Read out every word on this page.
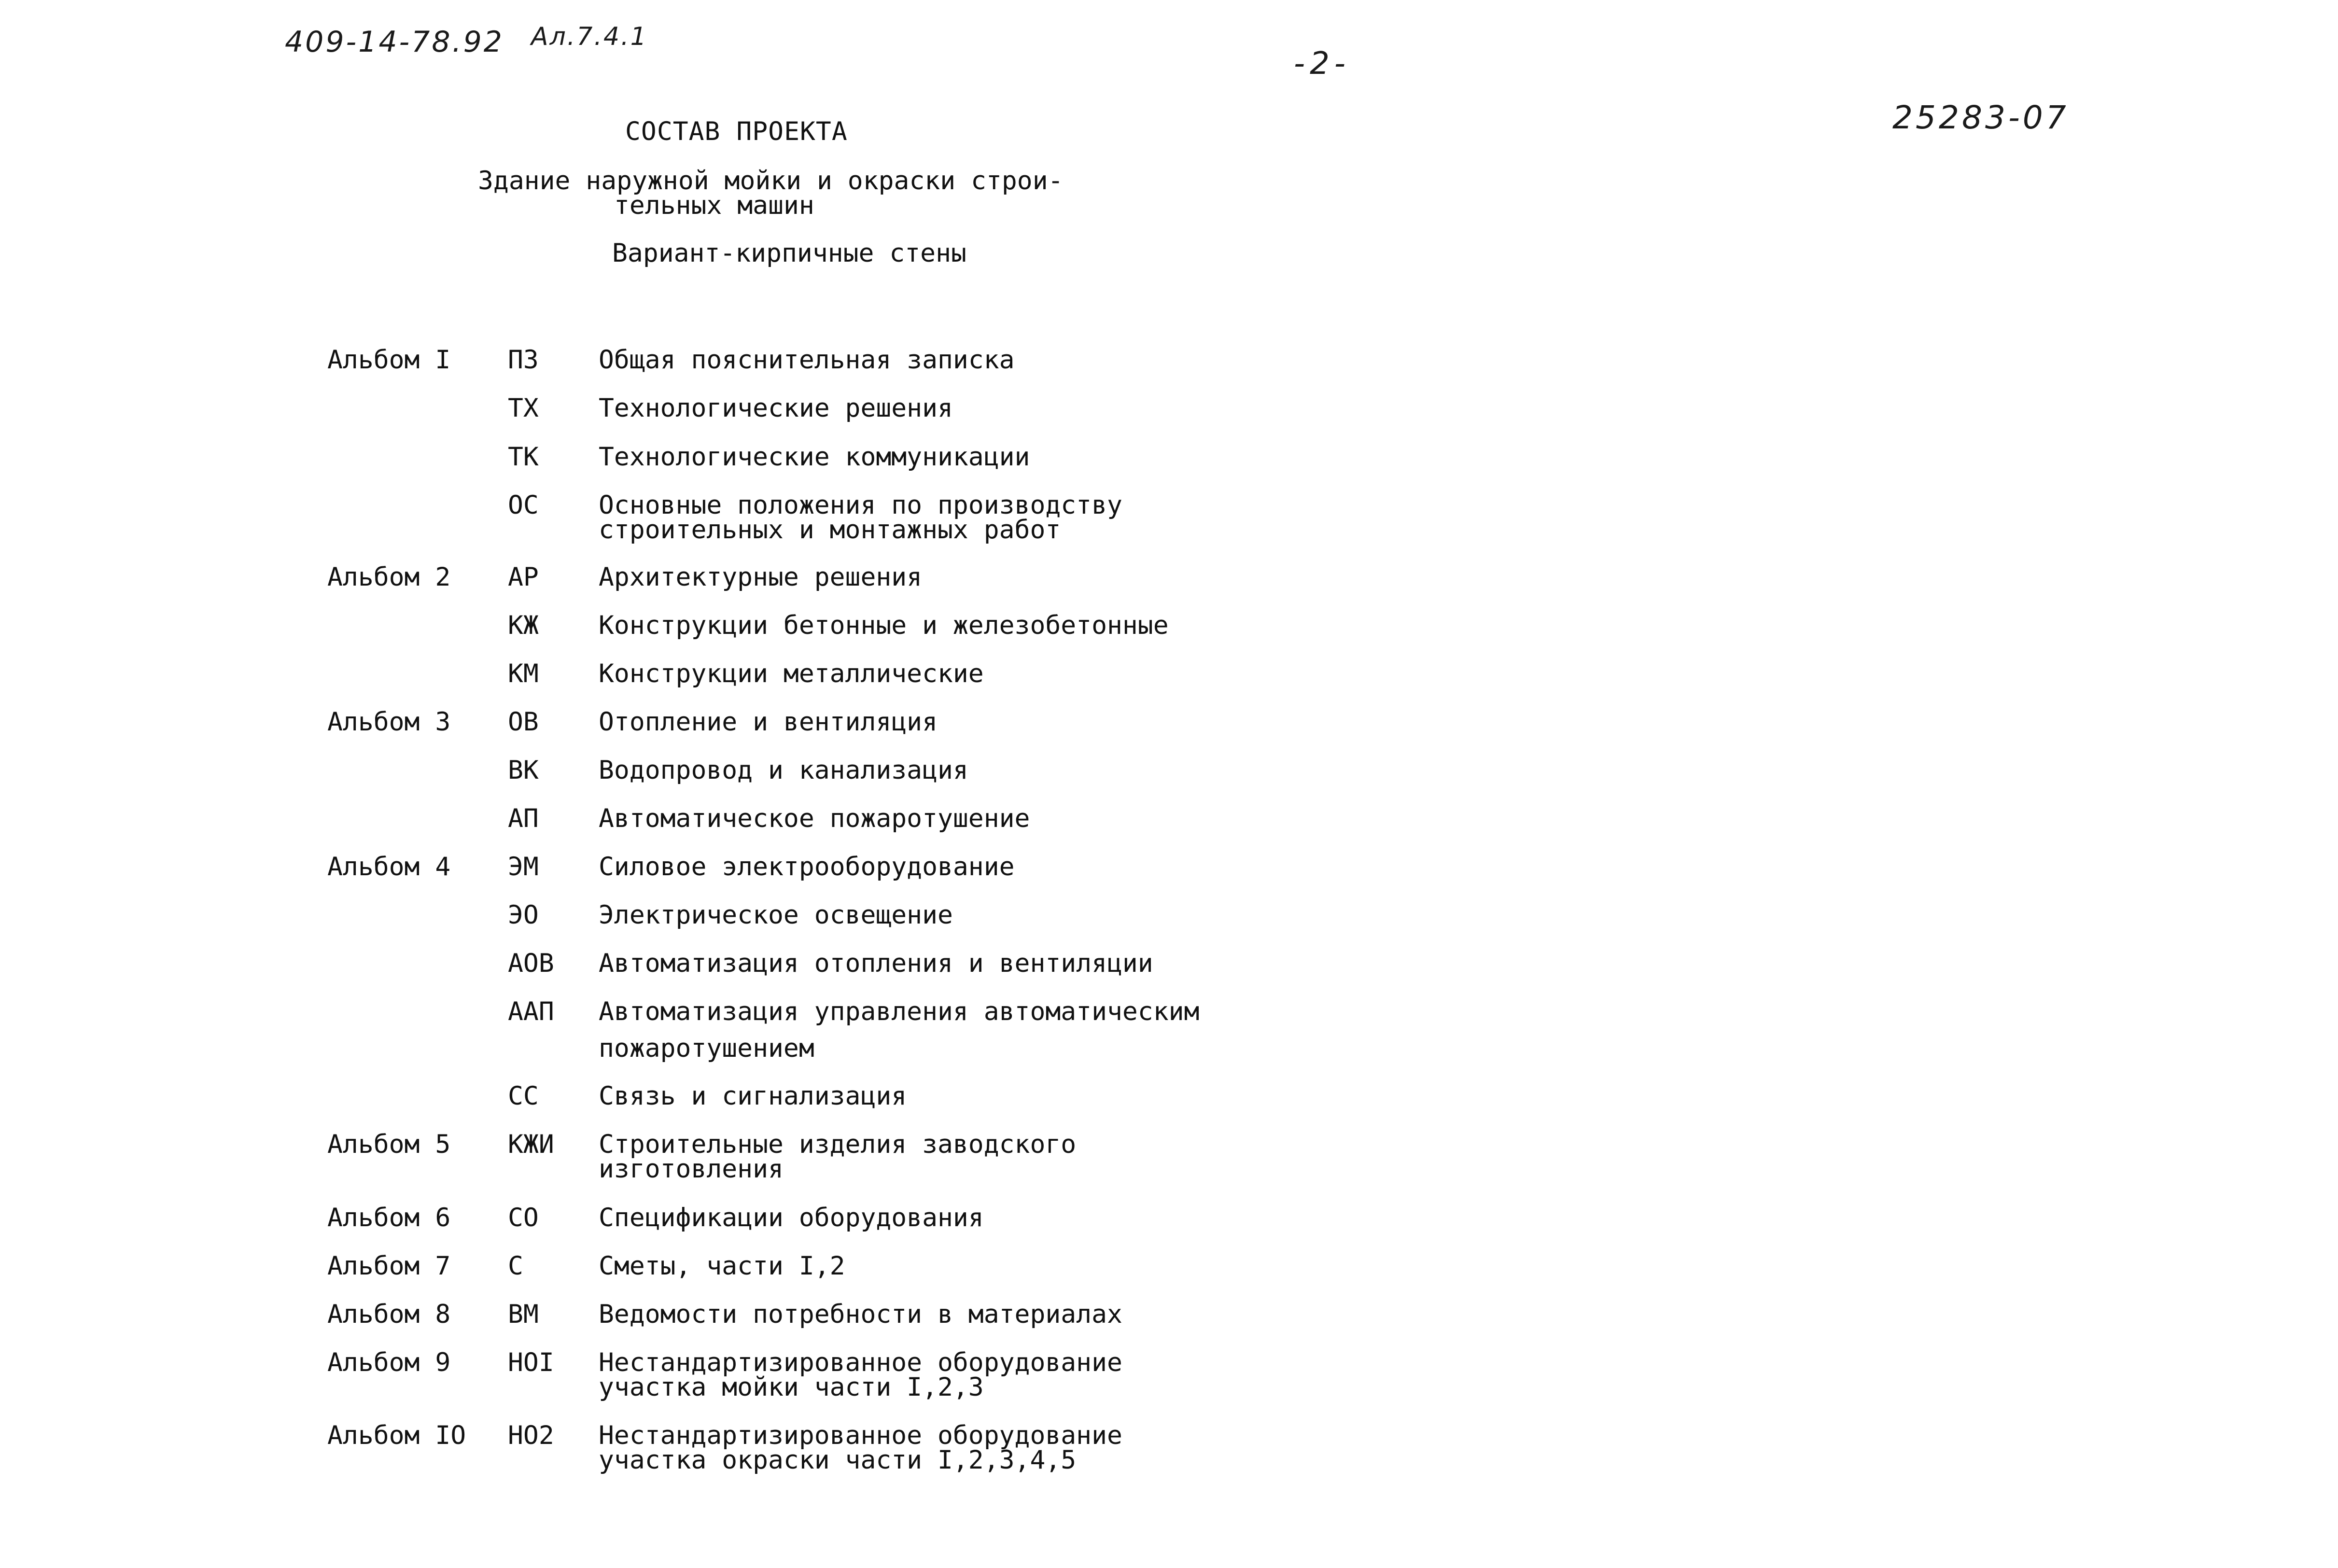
409-14-78.92 Ал.7.4.1
-2-
25283-07
СОСТАВ ПРОЕКТА
Здание наружной мойки и окраски строи-
тельных машин
Вариант-кирпичные стены
Альбом I ПЗ Общая пояснительная записка
ТХ Технологические решения
ТК Технологические коммуникации
ОС Основные положения по производству
строительных и монтажных работ
Альбом 2 АР Архитектурные решения
КЖ Конструкции бетонные и железобетонные
КМ Конструкции металлические
Альбом 3 ОВ Отопление и вентиляция
ВК Водопровод и канализация
АП Автоматическое пожаротушение
Альбом 4 ЭМ Силовое электрооборудование
ЭО Электрическое освещение
АОВ Автоматизация отопления и вентиляции
ААП Автоматизация управления автоматическим
пожаротушением
СС Связь и сигнализация
Альбом 5 КЖИ Строительные изделия заводского
изготовления
Альбом 6 СО Спецификации оборудования
Альбом 7 С	Сметы, части I,2
Альбом 8 ВМ Ведомости потребности в материалах
Альбом 9 НОI Нестандартизированное оборудование
участка мойки части I,2,3
Альбом IO НО2 Нестандартизированное оборудование
участка окраски части I,2,3,4,5
